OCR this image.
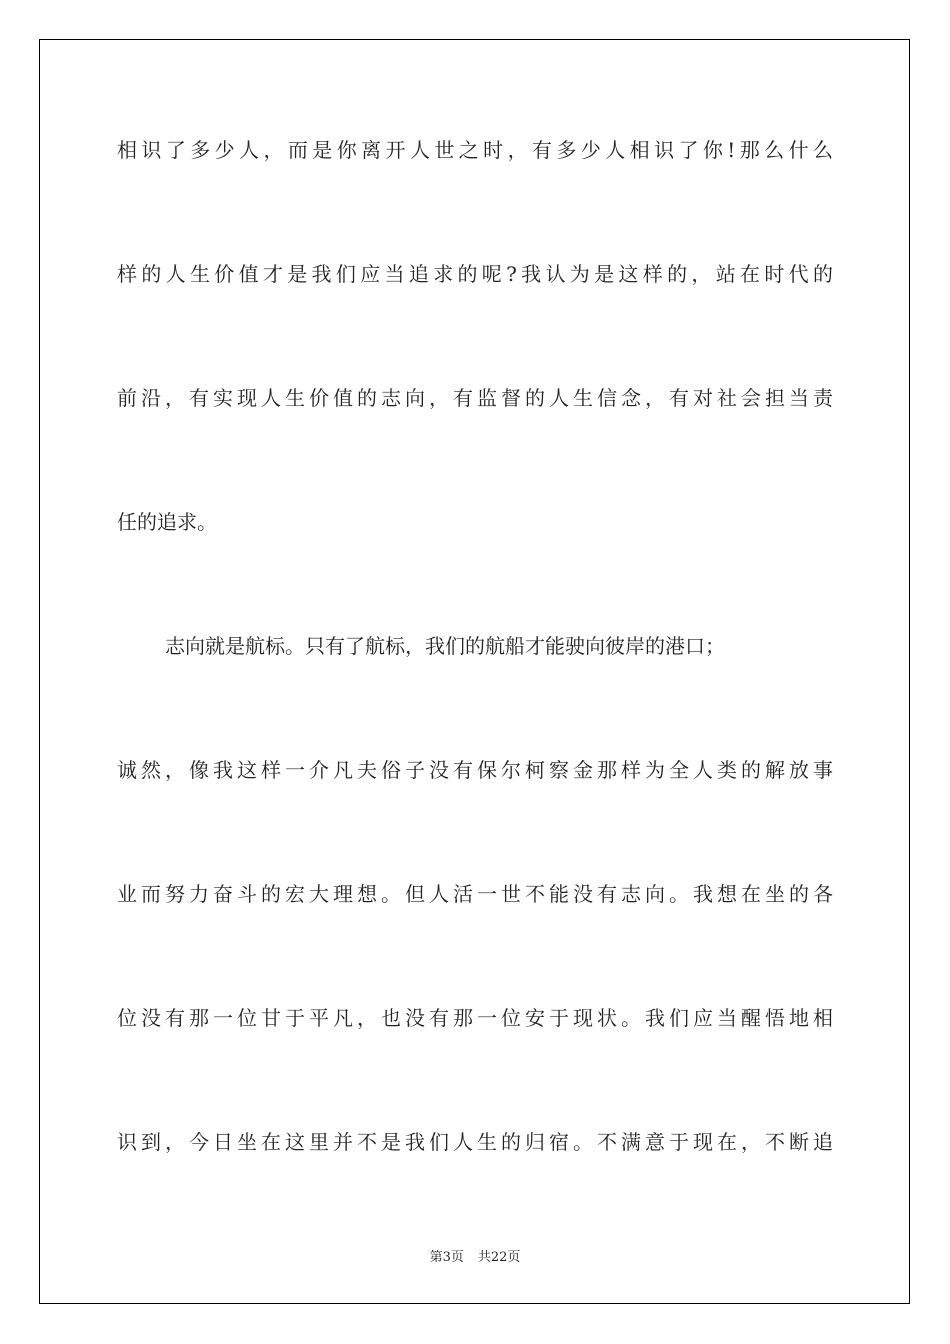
相识了多少人，而是你离开人世之时，有多少人相识了你!那么什么
样的人生价值才是我们应当追求的呢?我认为是这样的，站在时代的
前沿，有实现人生价值的志向，有监督的人生信念，有对社会担当责
任的追求。
志向就是航标。只有了航标，我们的航船才能驶向彼岸的港口；
诚然，像我这样一介凡夫俗子没有保尔柯察金那样为全人类的解放事
业而努力奋斗的宏大理想。但人活一世不能没有志向。我想在坐的各
位没有那一位甘于平凡，也没有那一位安于现状。我们应当醒悟地相
识到，今日坐在这里并不是我们人生的归宿。不满意于现在，不断追
第3页 共22页
